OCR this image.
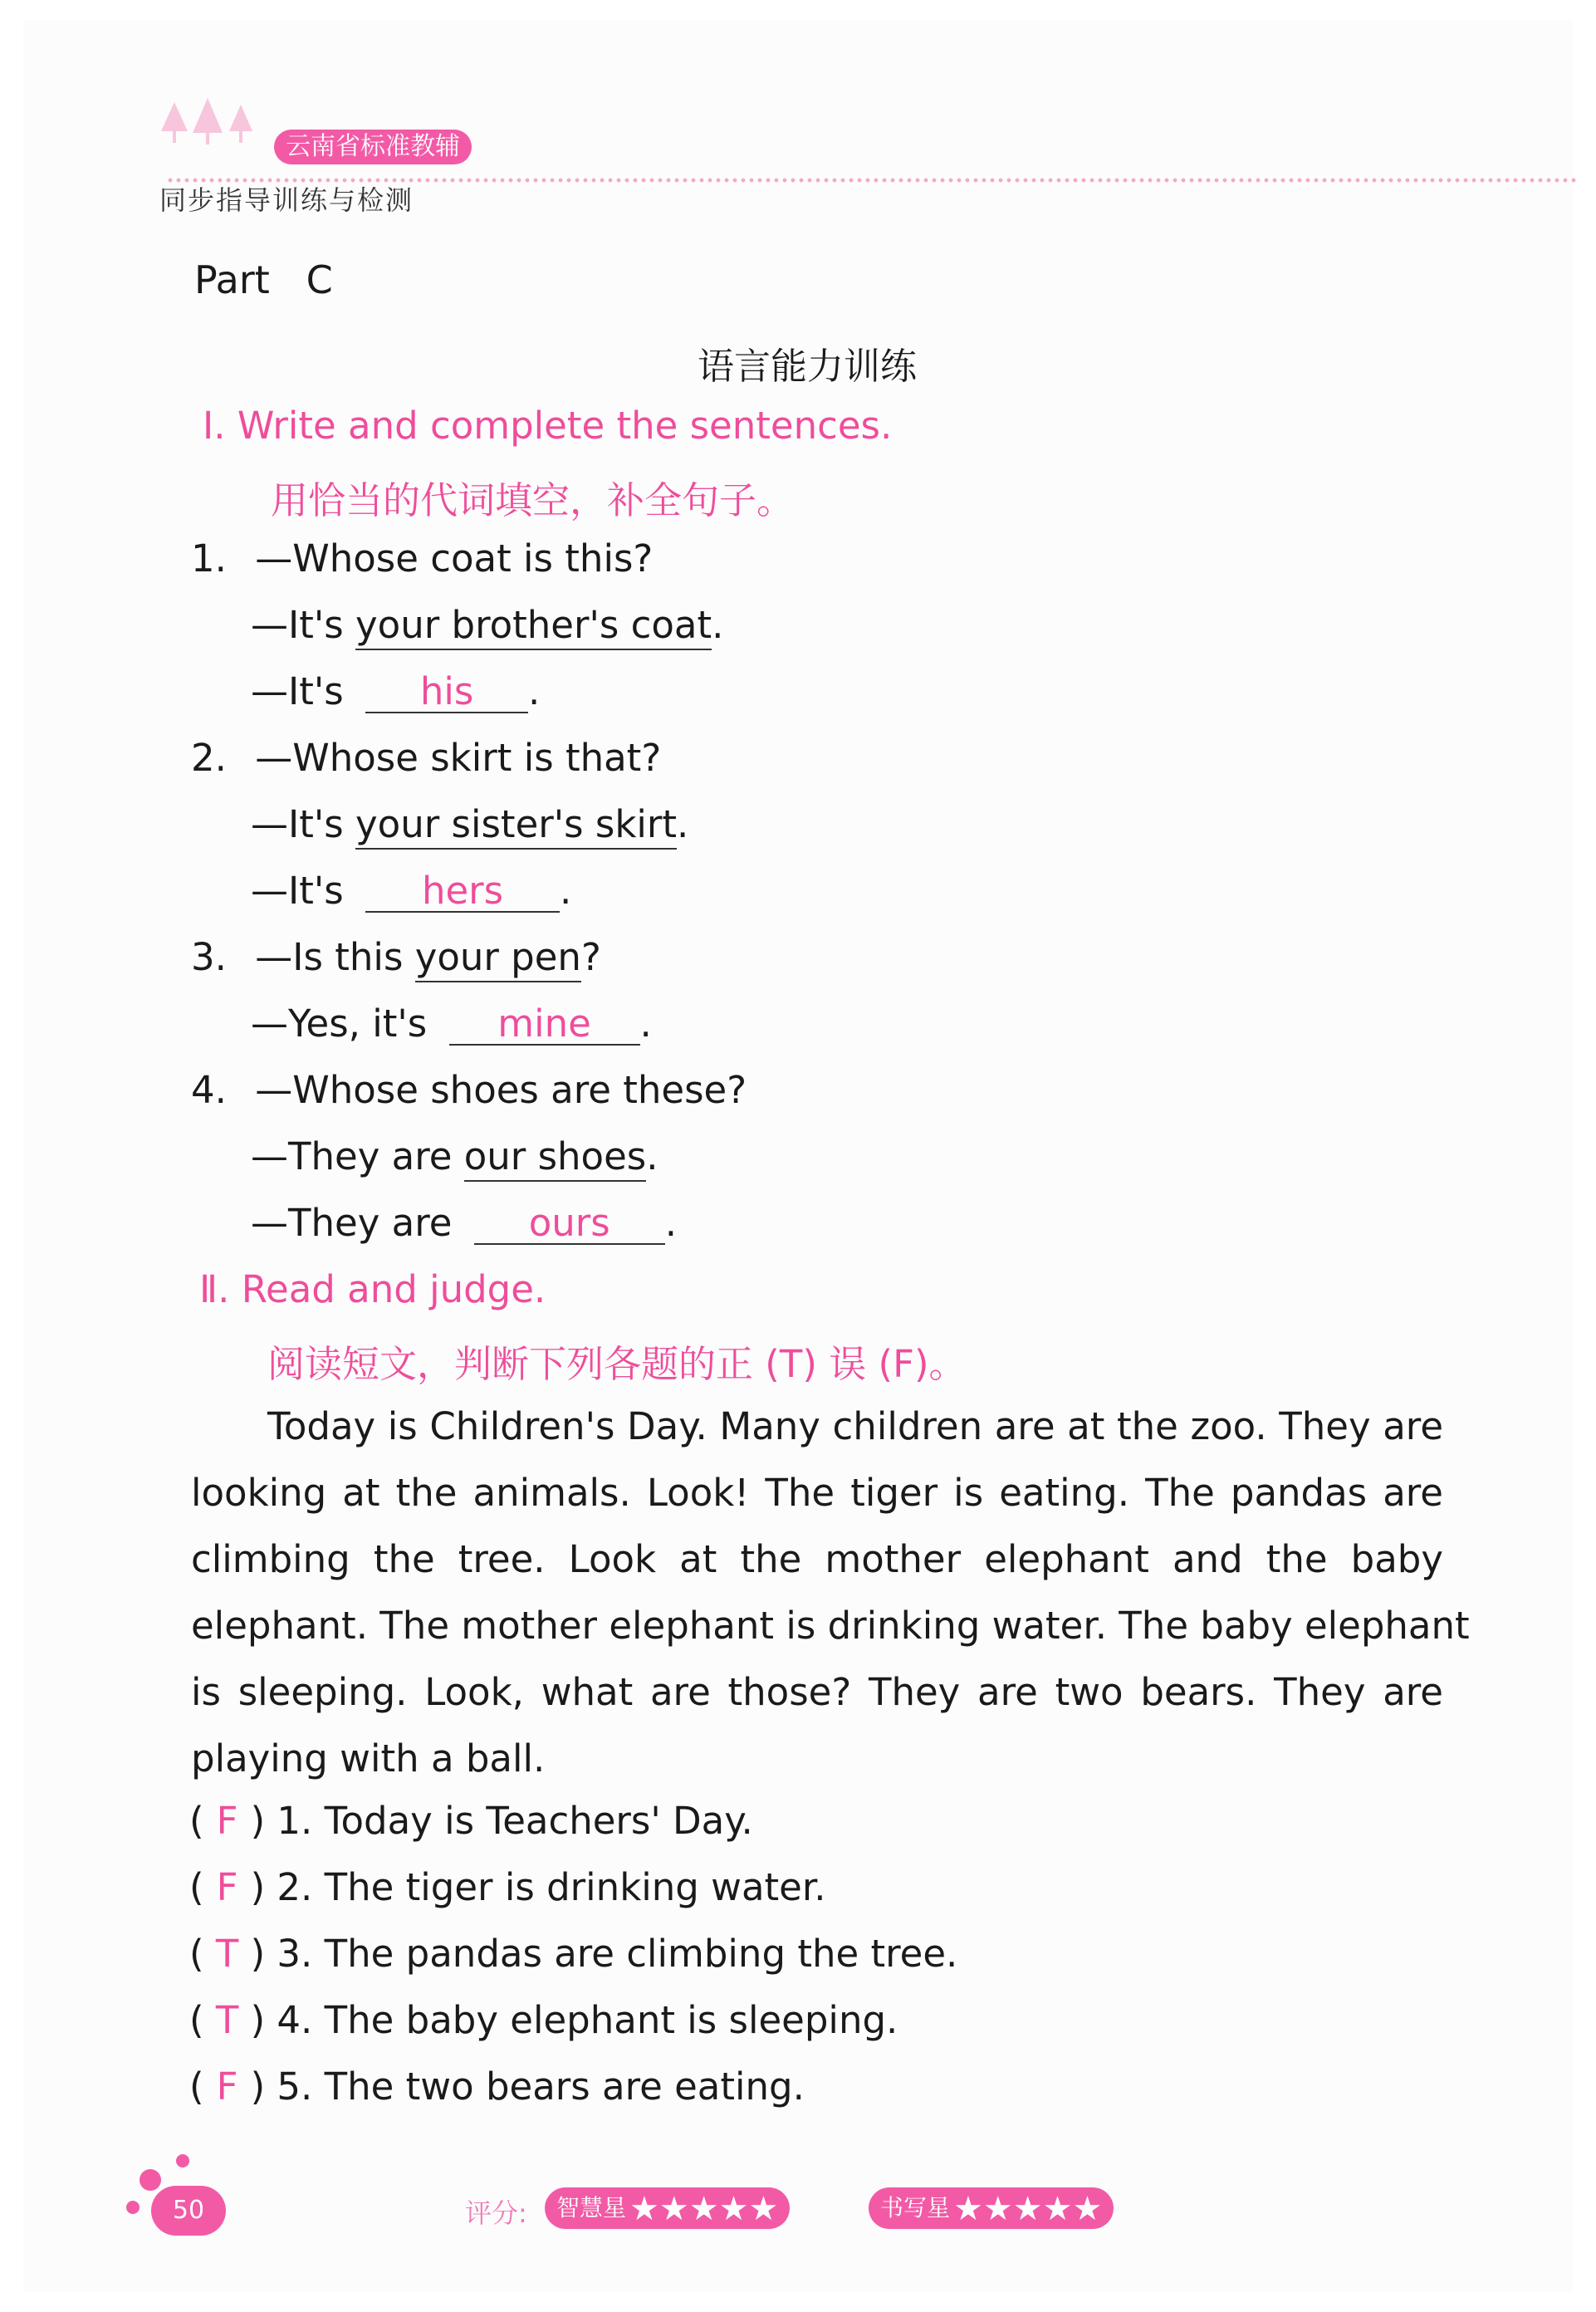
云南省标准教辅
同步指导训练与检测
Part   C
语言能力训练
Ⅰ. Write and complete the sentences.
用恰当的代词填空，补全句子。
1. —Whose coat is this?
—It's your brother's coat.
—It's his .
2. —Whose skirt is that?
—It's your sister's skirt.
—It's hers .
3. —Is this your pen?
—Yes, it's mine .
4. —Whose shoes are these?
—They are our shoes.
—They are ours .
Ⅱ. Read and judge.
阅读短文，判断下列各题的正 (T) 误 (F)。
Today is Children's Day. Many children are at the zoo. They are
looking at the animals. Look! The tiger is eating. The pandas are
climbing the tree. Look at the mother elephant and the baby
elephant. The mother elephant is drinking water. The baby elephant
is sleeping. Look, what are those? They are two bears. They are
playing with a ball.
( F ) 1. Today is Teachers' Day.
( F ) 2. The tiger is drinking water.
( T ) 3. The pandas are climbing the tree.
( T ) 4. The baby elephant is sleeping.
( F ) 5. The two bears are eating.
50	评分:	智慧星 ★★★★★	书写星 ★★★★★
